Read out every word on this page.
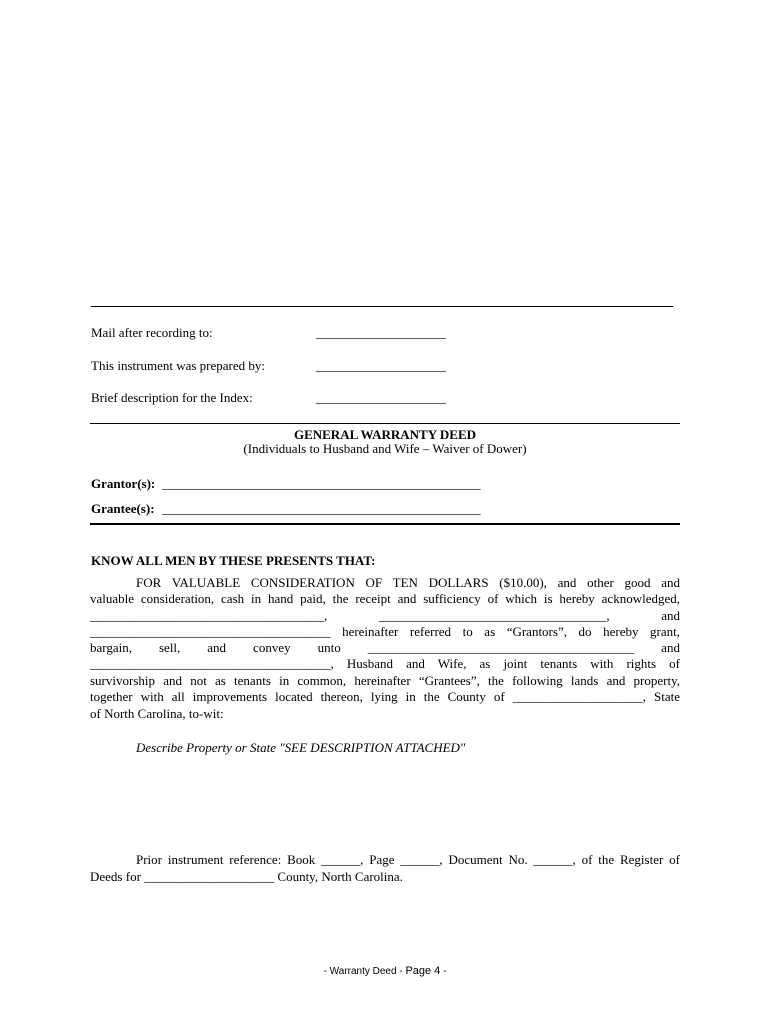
Mail after recording to:	____________________
This instrument was prepared by:	____________________
Brief description for the Index:	____________________
GENERAL WARRANTY DEED
(Individuals to Husband and Wife – Waiver of Dower)
Grantor(s): _________________________________________________
Grantee(s): _________________________________________________
KNOW ALL MEN BY THESE PRESENTS THAT:
FOR VALUABLE CONSIDERATION OF TEN DOLLARS ($10.00), and other good and
valuable consideration, cash in hand paid, the receipt and sufficiency of which is hereby acknowledged,
____________________________________, ___________________________________, and
_____________________________________ hereinafter referred to as “Grantors”, do hereby grant,
bargain, sell, and convey unto _________________________________________ and
_____________________________________, Husband and Wife, as joint tenants with rights of
survivorship and not as tenants in common, hereinafter “Grantees”, the following lands and property,
together with all improvements located thereon, lying in the County of ____________________, State
of North Carolina, to-wit:
Describe Property or State "SEE DESCRIPTION ATTACHED"
Prior instrument reference: Book ______, Page ______, Document No. ______, of the Register of
Deeds for ____________________ County, North Carolina.
- Warranty Deed - Page 4 -
